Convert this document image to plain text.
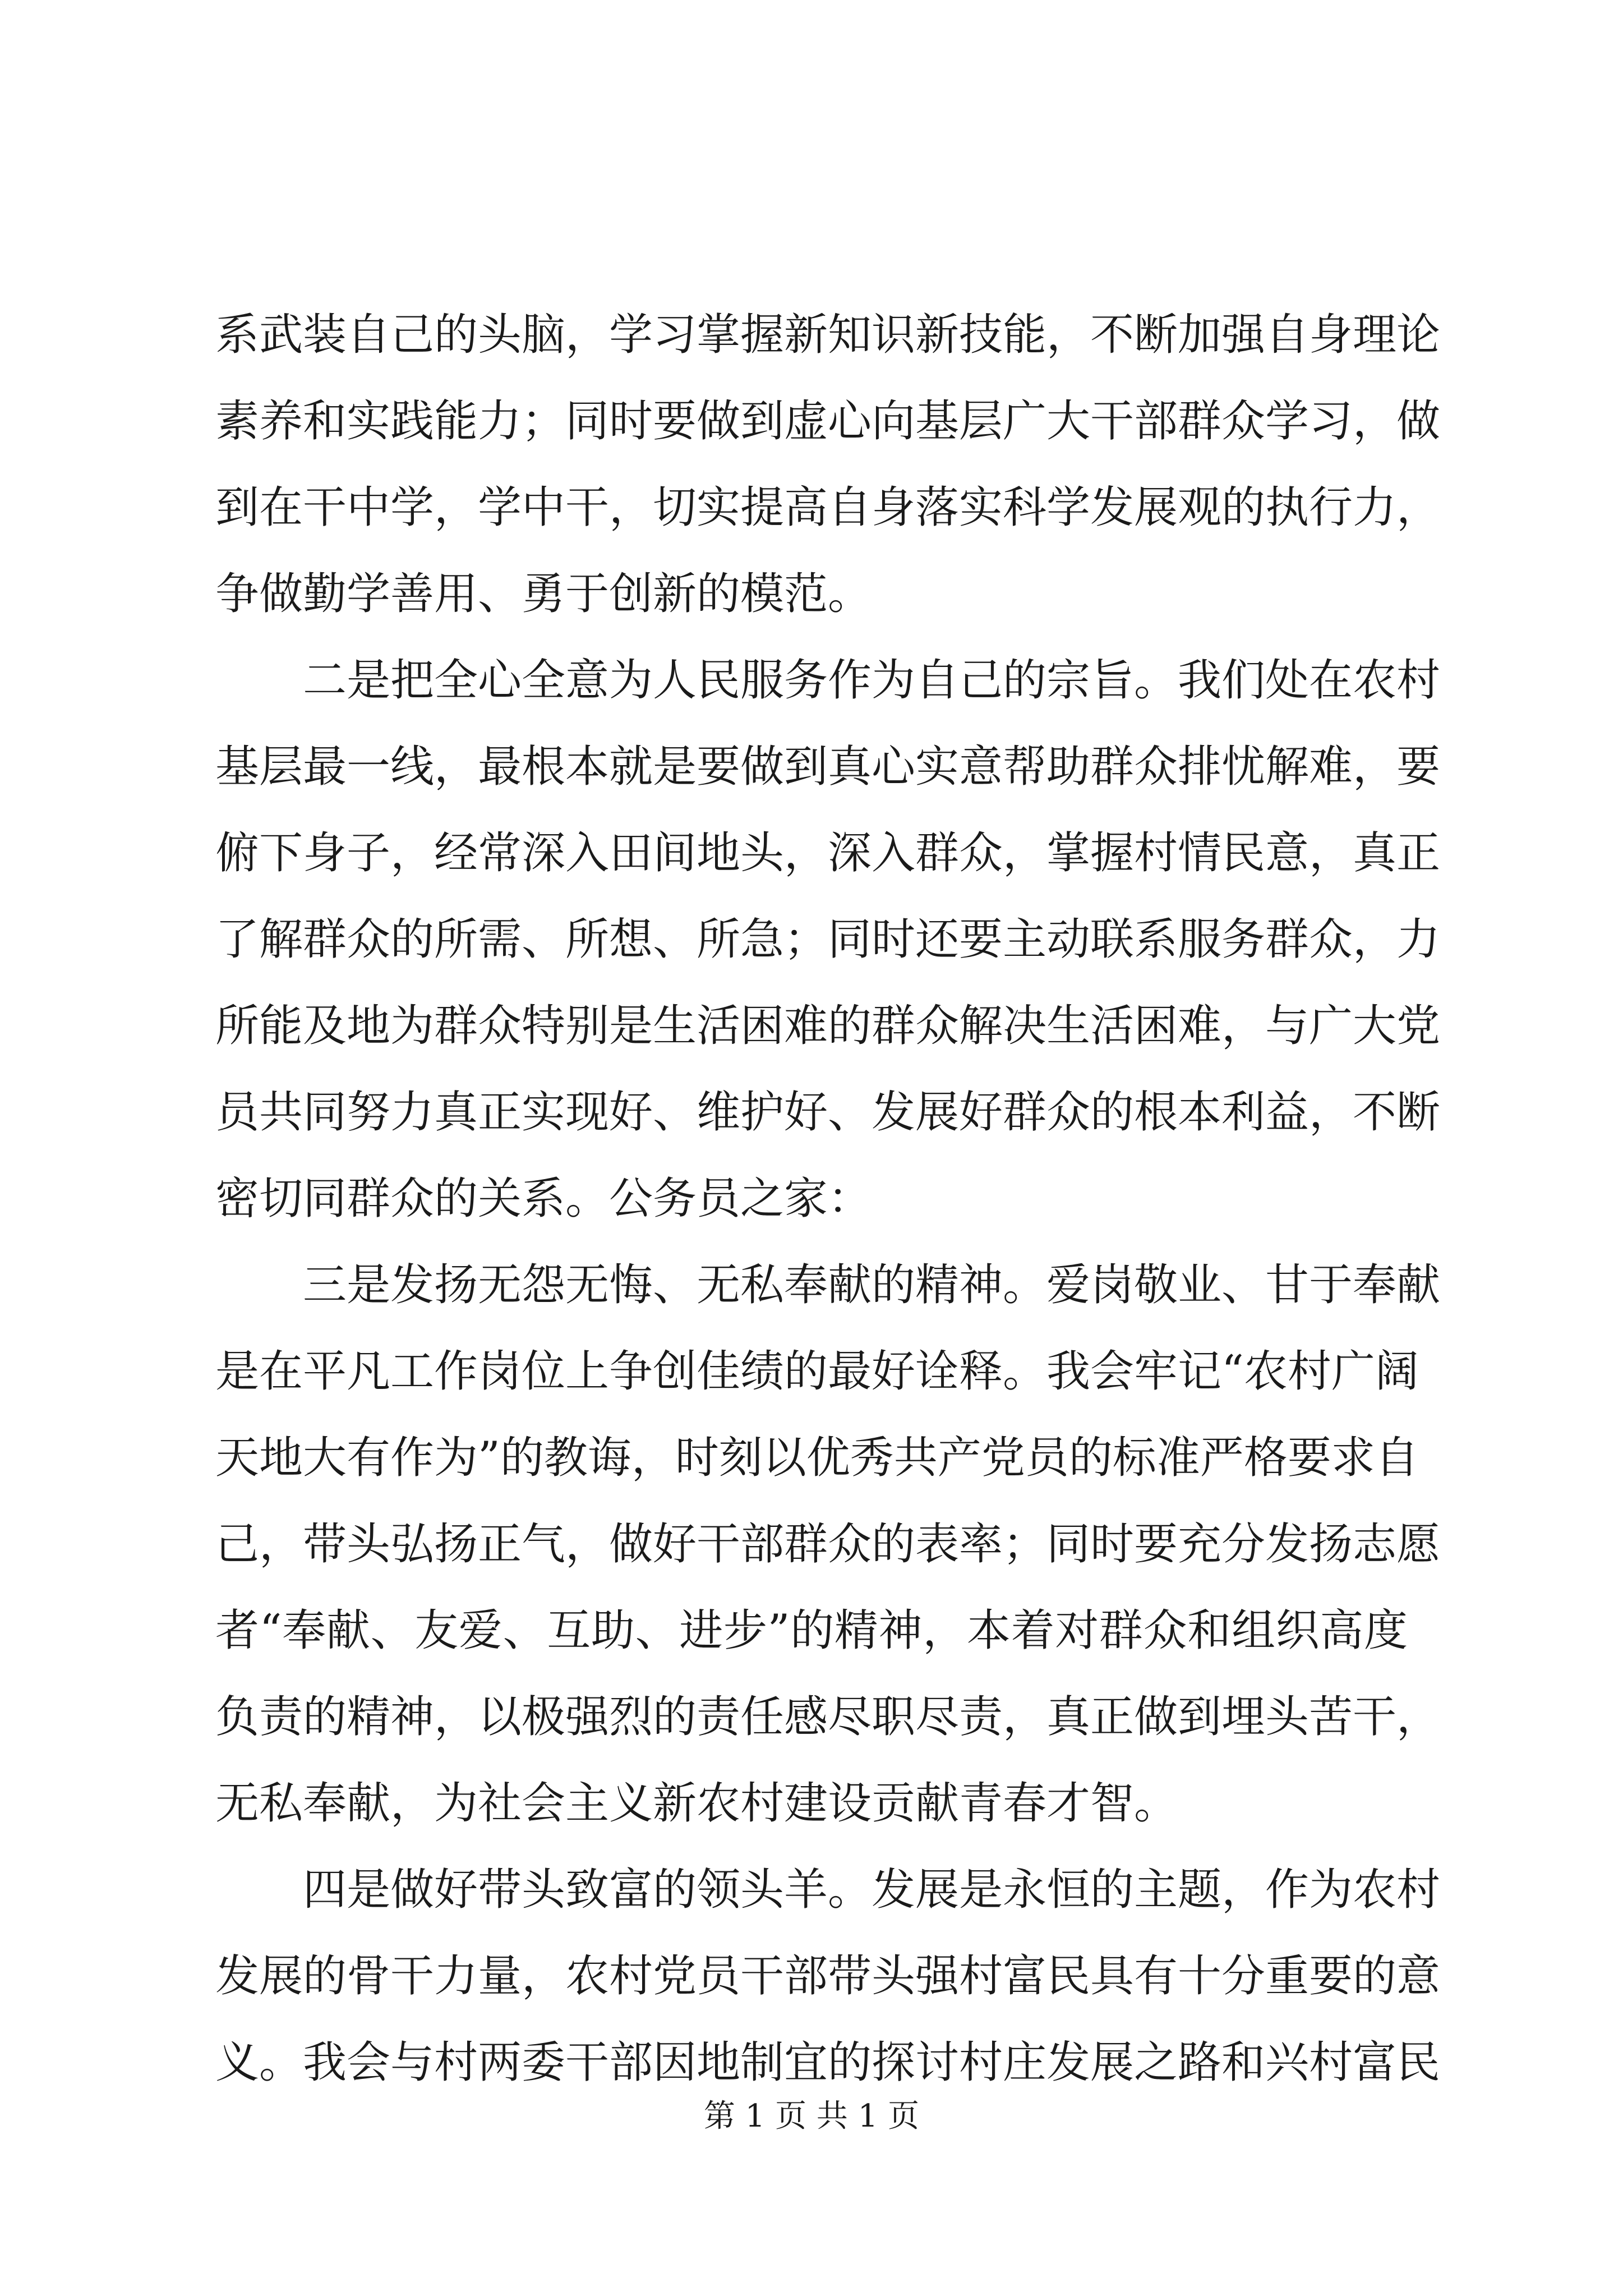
系武装自己的头脑，学习掌握新知识新技能，不断加强自身理论
素养和实践能力；同时要做到虚心向基层广大干部群众学习，做
到在干中学，学中干，切实提高自身落实科学发展观的执行力，
争做勤学善用、勇于创新的模范。
二是把全心全意为人民服务作为自己的宗旨。我们处在农村
基层最一线，最根本就是要做到真心实意帮助群众排忧解难，要
俯下身子，经常深入田间地头，深入群众，掌握村情民意，真正
了解群众的所需、所想、所急；同时还要主动联系服务群众，力
所能及地为群众特别是生活困难的群众解决生活困难，与广大党
员共同努力真正实现好、维护好、发展好群众的根本利益，不断
密切同群众的关系。公务员之家：
三是发扬无怨无悔、无私奉献的精神。爱岗敬业、甘于奉献
是在平凡工作岗位上争创佳绩的最好诠释。我会牢记“农村广阔
天地大有作为”的教诲，时刻以优秀共产党员的标准严格要求自
己，带头弘扬正气，做好干部群众的表率；同时要充分发扬志愿
者“奉献、友爱、互助、进步”的精神，本着对群众和组织高度
负责的精神，以极强烈的责任感尽职尽责，真正做到埋头苦干，
无私奉献，为社会主义新农村建设贡献青春才智。
四是做好带头致富的领头羊。发展是永恒的主题，作为农村
发展的骨干力量，农村党员干部带头强村富民具有十分重要的意
义。我会与村两委干部因地制宜的探讨村庄发展之路和兴村富民
第 1 页 共 1 页
